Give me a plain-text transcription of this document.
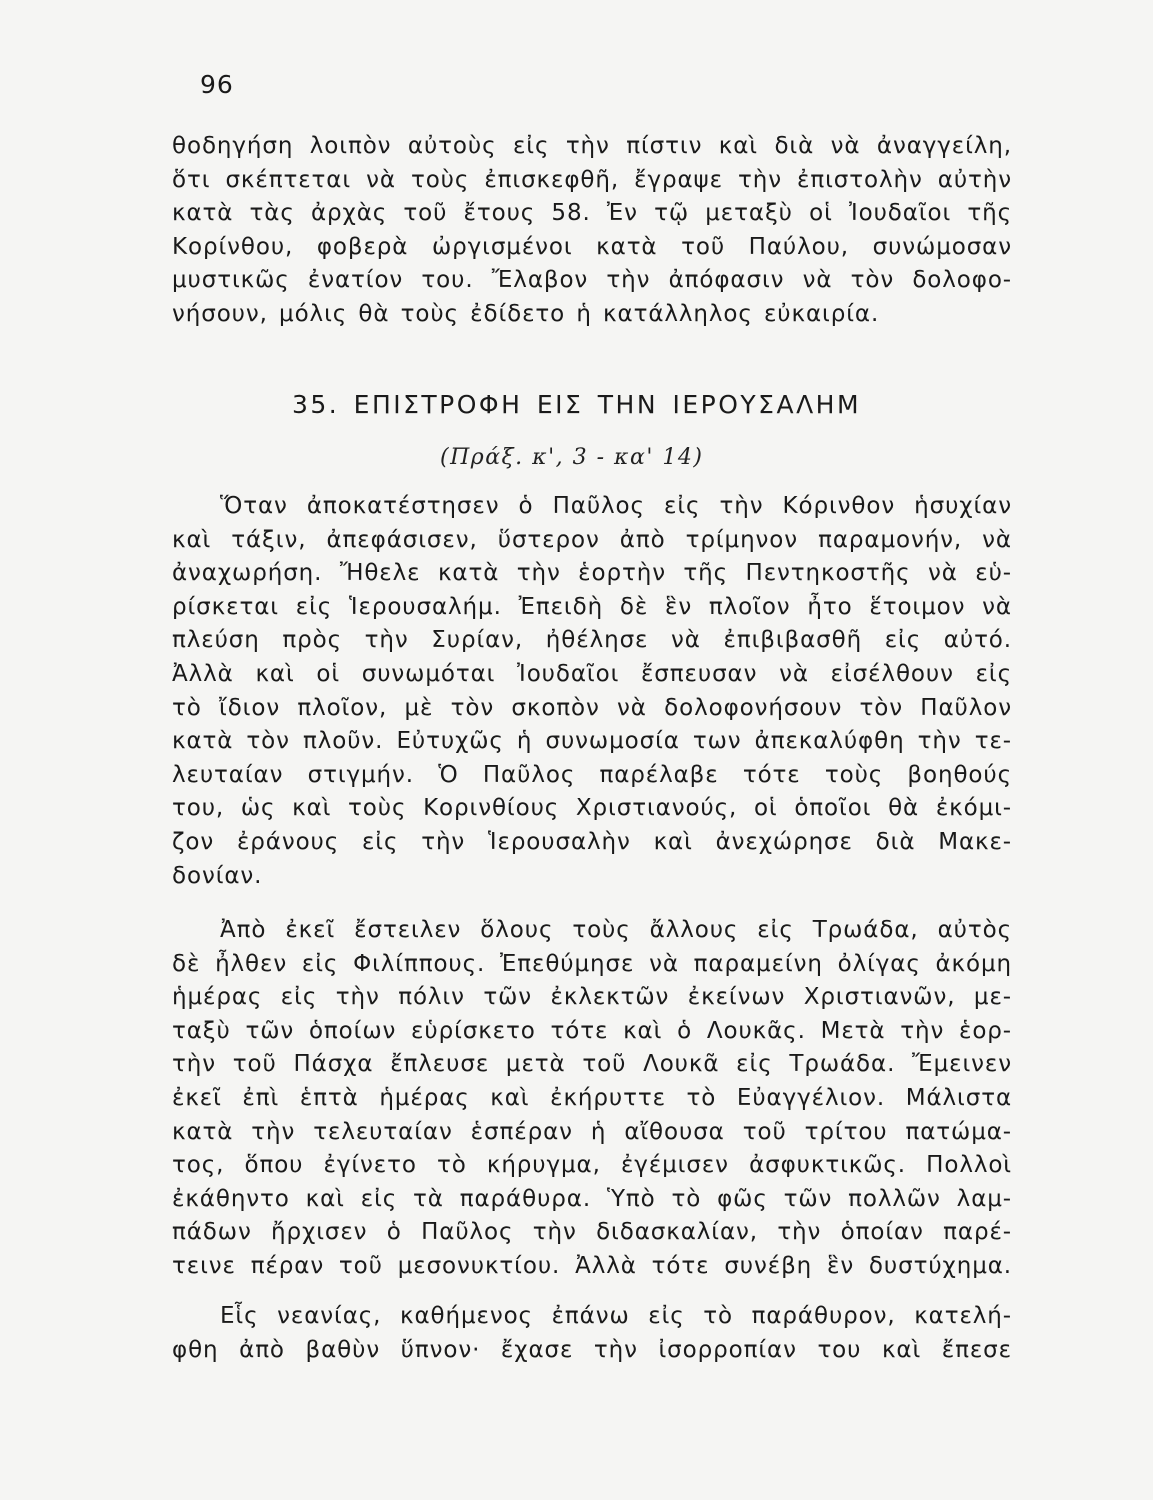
96
θοδηγήση λοιπὸν αὐτοὺς εἰς τὴν πίστιν καὶ διὰ νὰ ἀναγγείλη,
ὅτι σκέπτεται νὰ τοὺς ἐπισκεφθῆ, ἔγραψε τὴν ἐπιστολὴν αὐτὴν
κατὰ τὰς ἀρχὰς τοῦ ἔτους 58. Ἐν τῷ μεταξὺ οἱ Ἰουδαῖοι τῆς
Κορίνθου, φοβερὰ ὠργισμένοι κατὰ τοῦ Παύλου, συνώμοσαν
μυστικῶς ἐνατίον του. Ἔλαβον τὴν ἀπόφασιν νὰ τὸν δολοφο-
νήσουν, μόλις θὰ τοὺς ἐδίδετο ἡ κατάλληλος εὐκαιρία.
35. ΕΠΙΣΤΡΟΦΗ ΕΙΣ ΤΗΝ ΙΕΡΟΥΣΑΛΗΜ
(Πράξ. κ', 3 - κα' 14)
Ὅταν ἀποκατέστησεν ὁ Παῦλος εἰς τὴν Κόρινθον ἡσυχίαν
καὶ τάξιν, ἀπεφάσισεν, ὕστερον ἀπὸ τρίμηνον παραμονήν, νὰ
ἀναχωρήση. Ἤθελε κατὰ τὴν ἑορτὴν τῆς Πεντηκοστῆς νὰ εὑ-
ρίσκεται εἰς Ἱερουσαλήμ. Ἐπειδὴ δὲ ἓν πλοῖον ἦτο ἕτοιμον νὰ
πλεύση πρὸς τὴν Συρίαν, ἠθέλησε νὰ ἐπιβιβασθῆ εἰς αὐτό.
Ἀλλὰ καὶ οἱ συνωμόται Ἰουδαῖοι ἔσπευσαν νὰ εἰσέλθουν εἰς
τὸ ἴδιον πλοῖον, μὲ τὸν σκοπὸν νὰ δολοφονήσουν τὸν Παῦλον
κατὰ τὸν πλοῦν. Εὐτυχῶς ἡ συνωμοσία των ἀπεκαλύφθη τὴν τε-
λευταίαν στιγμήν. Ὁ Παῦλος παρέλαβε τότε τοὺς βοηθούς
του, ὡς καὶ τοὺς Κορινθίους Χριστιανούς, οἱ ὁποῖοι θὰ ἐκόμι-
ζον ἐράνους εἰς τὴν Ἱερουσαλὴν καὶ ἀνεχώρησε διὰ Μακε-
δονίαν.
Ἀπὸ ἐκεῖ ἔστειλεν ὅλους τοὺς ἄλλους εἰς Τρωάδα, αὐτὸς
δὲ ἦλθεν εἰς Φιλίππους. Ἐπεθύμησε νὰ παραμείνη ὀλίγας ἀκόμη
ἡμέρας εἰς τὴν πόλιν τῶν ἐκλεκτῶν ἐκείνων Χριστιανῶν, με-
ταξὺ τῶν ὁποίων εὑρίσκετο τότε καὶ ὁ Λουκᾶς. Μετὰ τὴν ἑορ-
τὴν τοῦ Πάσχα ἔπλευσε μετὰ τοῦ Λουκᾶ εἰς Τρωάδα. Ἔμεινεν
ἐκεῖ ἐπὶ ἑπτὰ ἡμέρας καὶ ἐκήρυττε τὸ Εὐαγγέλιον. Μάλιστα
κατὰ τὴν τελευταίαν ἑσπέραν ἡ αἴθουσα τοῦ τρίτου πατώμα-
τος, ὅπου ἐγίνετο τὸ κήρυγμα, ἐγέμισεν ἀσφυκτικῶς. Πολλοὶ
ἐκάθηντο καὶ εἰς τὰ παράθυρα. Ὑπὸ τὸ φῶς τῶν πολλῶν λαμ-
πάδων ἤρχισεν ὁ Παῦλος τὴν διδασκαλίαν, τὴν ὁποίαν παρέ-
τεινε πέραν τοῦ μεσονυκτίου. Ἀλλὰ τότε συνέβη ἓν δυστύχημα.
Εἷς νεανίας, καθήμενος ἐπάνω εἰς τὸ παράθυρον, κατελή-
φθη ἀπὸ βαθὺν ὕπνον· ἔχασε τὴν ἰσορροπίαν του καὶ ἔπεσε
